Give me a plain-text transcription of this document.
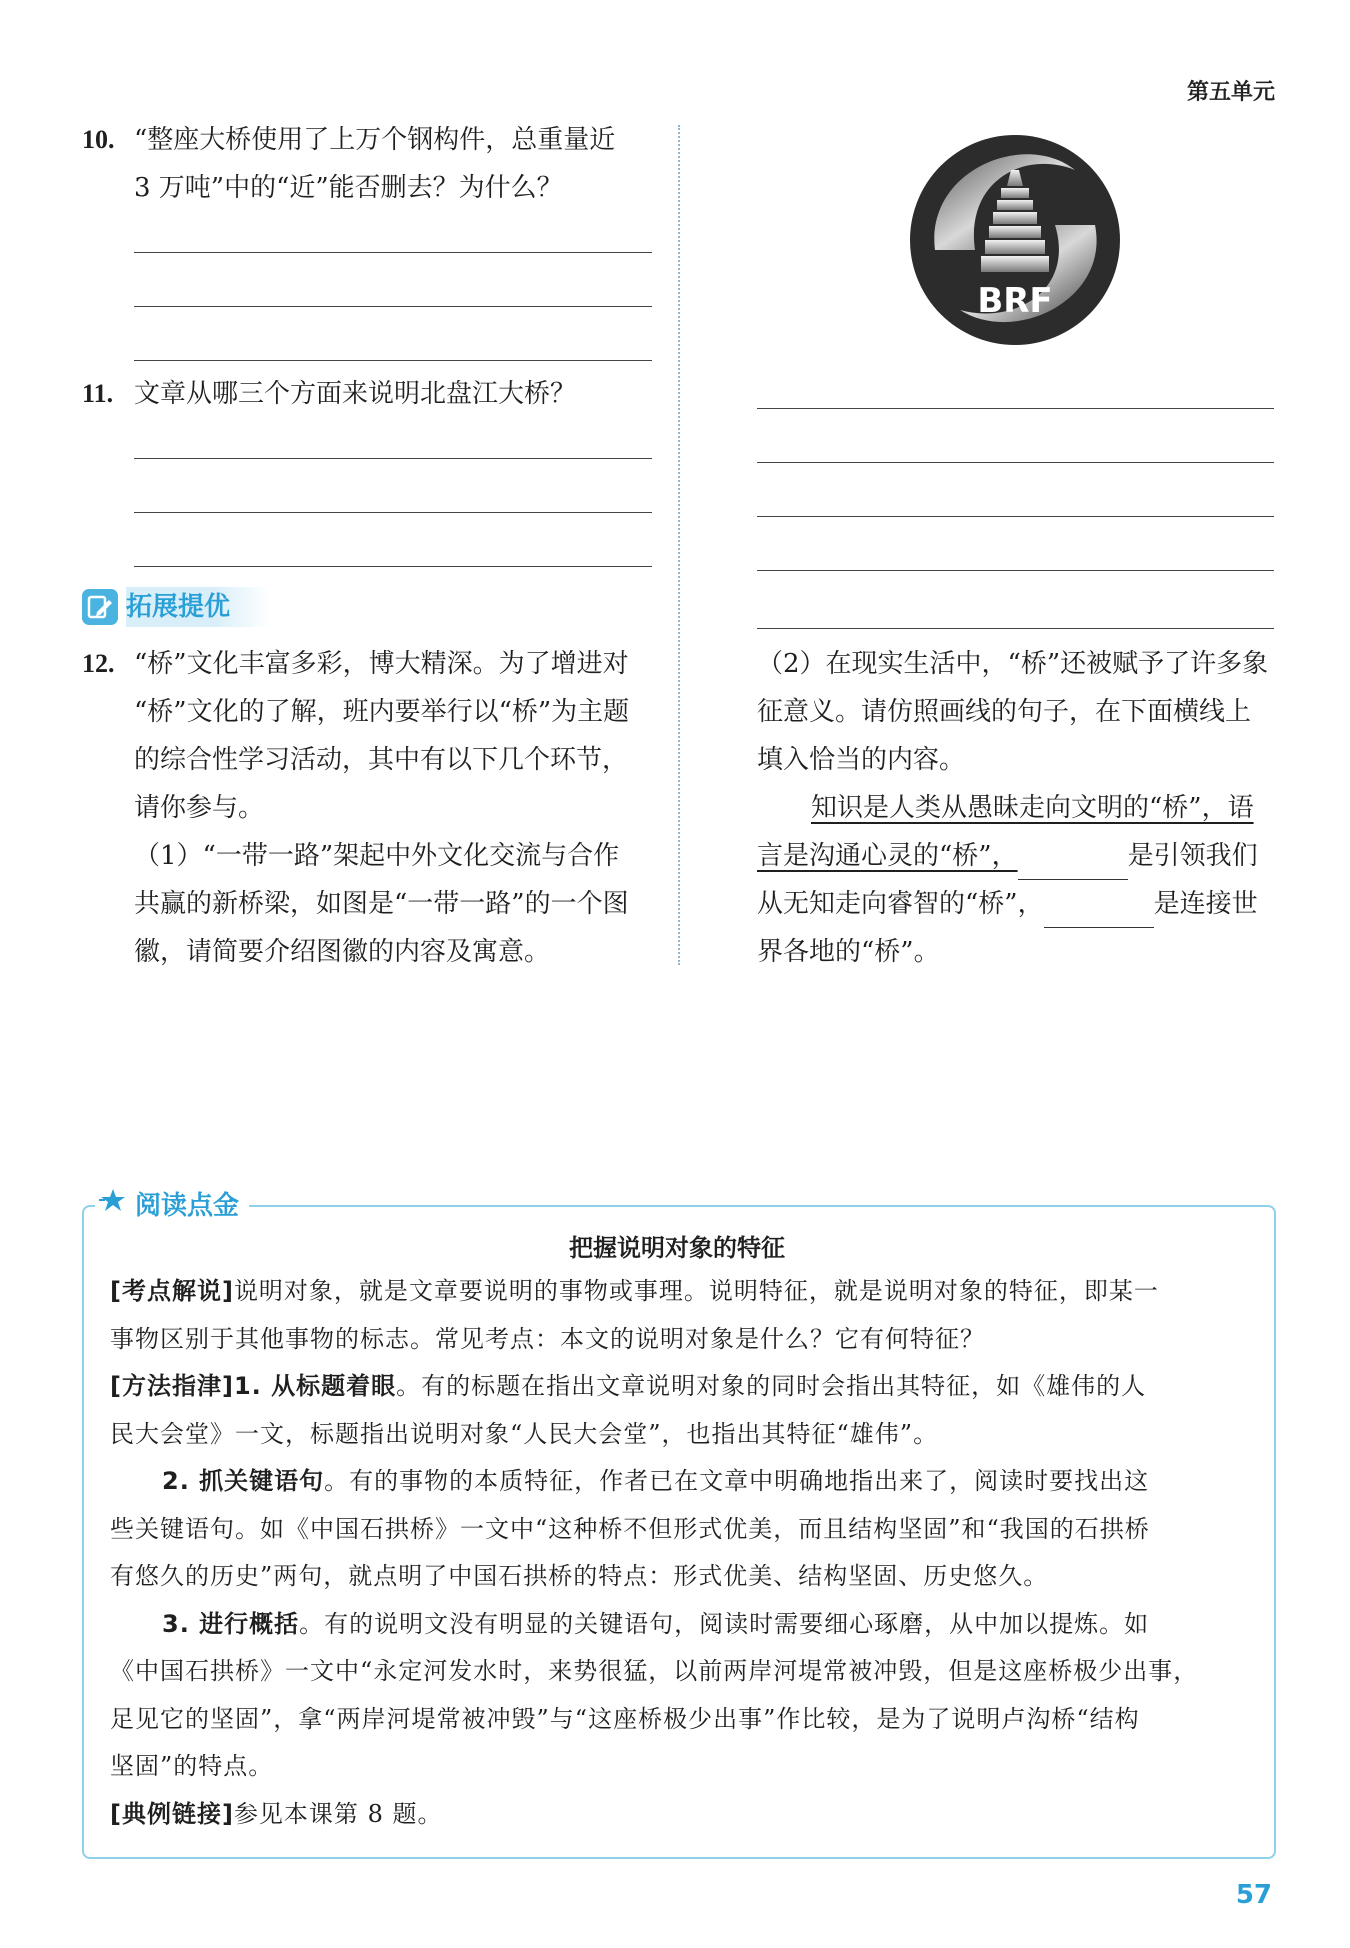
第五单元
10. “整座大桥使用了上万个钢构件，总重量近
3 万吨”中的“近”能否删去？为什么？
11. 文章从哪三个方面来说明北盘江大桥？
拓展提优
12. “桥”文化丰富多彩，博大精深。为了增进对
“桥”文化的了解，班内要举行以“桥”为主题
的综合性学习活动，其中有以下几个环节，
请你参与。
（1）“一带一路”架起中外文化交流与合作
共赢的新桥梁，如图是“一带一路”的一个图
徽，请简要介绍图徽的内容及寓意。
BRF
（2）在现实生活中，“桥”还被赋予了许多象
征意义。请仿照画线的句子，在下面横线上
填入恰当的内容。
知识是人类从愚昧走向文明的“桥”，语
言是沟通心灵的“桥”，	是引领我们
从无知走向睿智的“桥”，	是连接世
界各地的“桥”。
阅读点金
把握说明对象的特征
[考点解说]说明对象，就是文章要说明的事物或事理。说明特征，就是说明对象的特征，即某一
事物区别于其他事物的标志。常见考点：本文的说明对象是什么？它有何特征？
[方法指津]1. 从标题着眼。有的标题在指出文章说明对象的同时会指出其特征，如《雄伟的人
民大会堂》一文，标题指出说明对象“人民大会堂”，也指出其特征“雄伟”。
2. 抓关键语句。有的事物的本质特征，作者已在文章中明确地指出来了，阅读时要找出这
些关键语句。如《中国石拱桥》一文中“这种桥不但形式优美，而且结构坚固”和“我国的石拱桥
有悠久的历史”两句，就点明了中国石拱桥的特点：形式优美、结构坚固、历史悠久。
3. 进行概括。有的说明文没有明显的关键语句，阅读时需要细心琢磨，从中加以提炼。如
《中国石拱桥》一文中“永定河发水时，来势很猛，以前两岸河堤常被冲毁，但是这座桥极少出事，
足见它的坚固”，拿“两岸河堤常被冲毁”与“这座桥极少出事”作比较，是为了说明卢沟桥“结构
坚固”的特点。
[典例链接]参见本课第 8 题。
57
